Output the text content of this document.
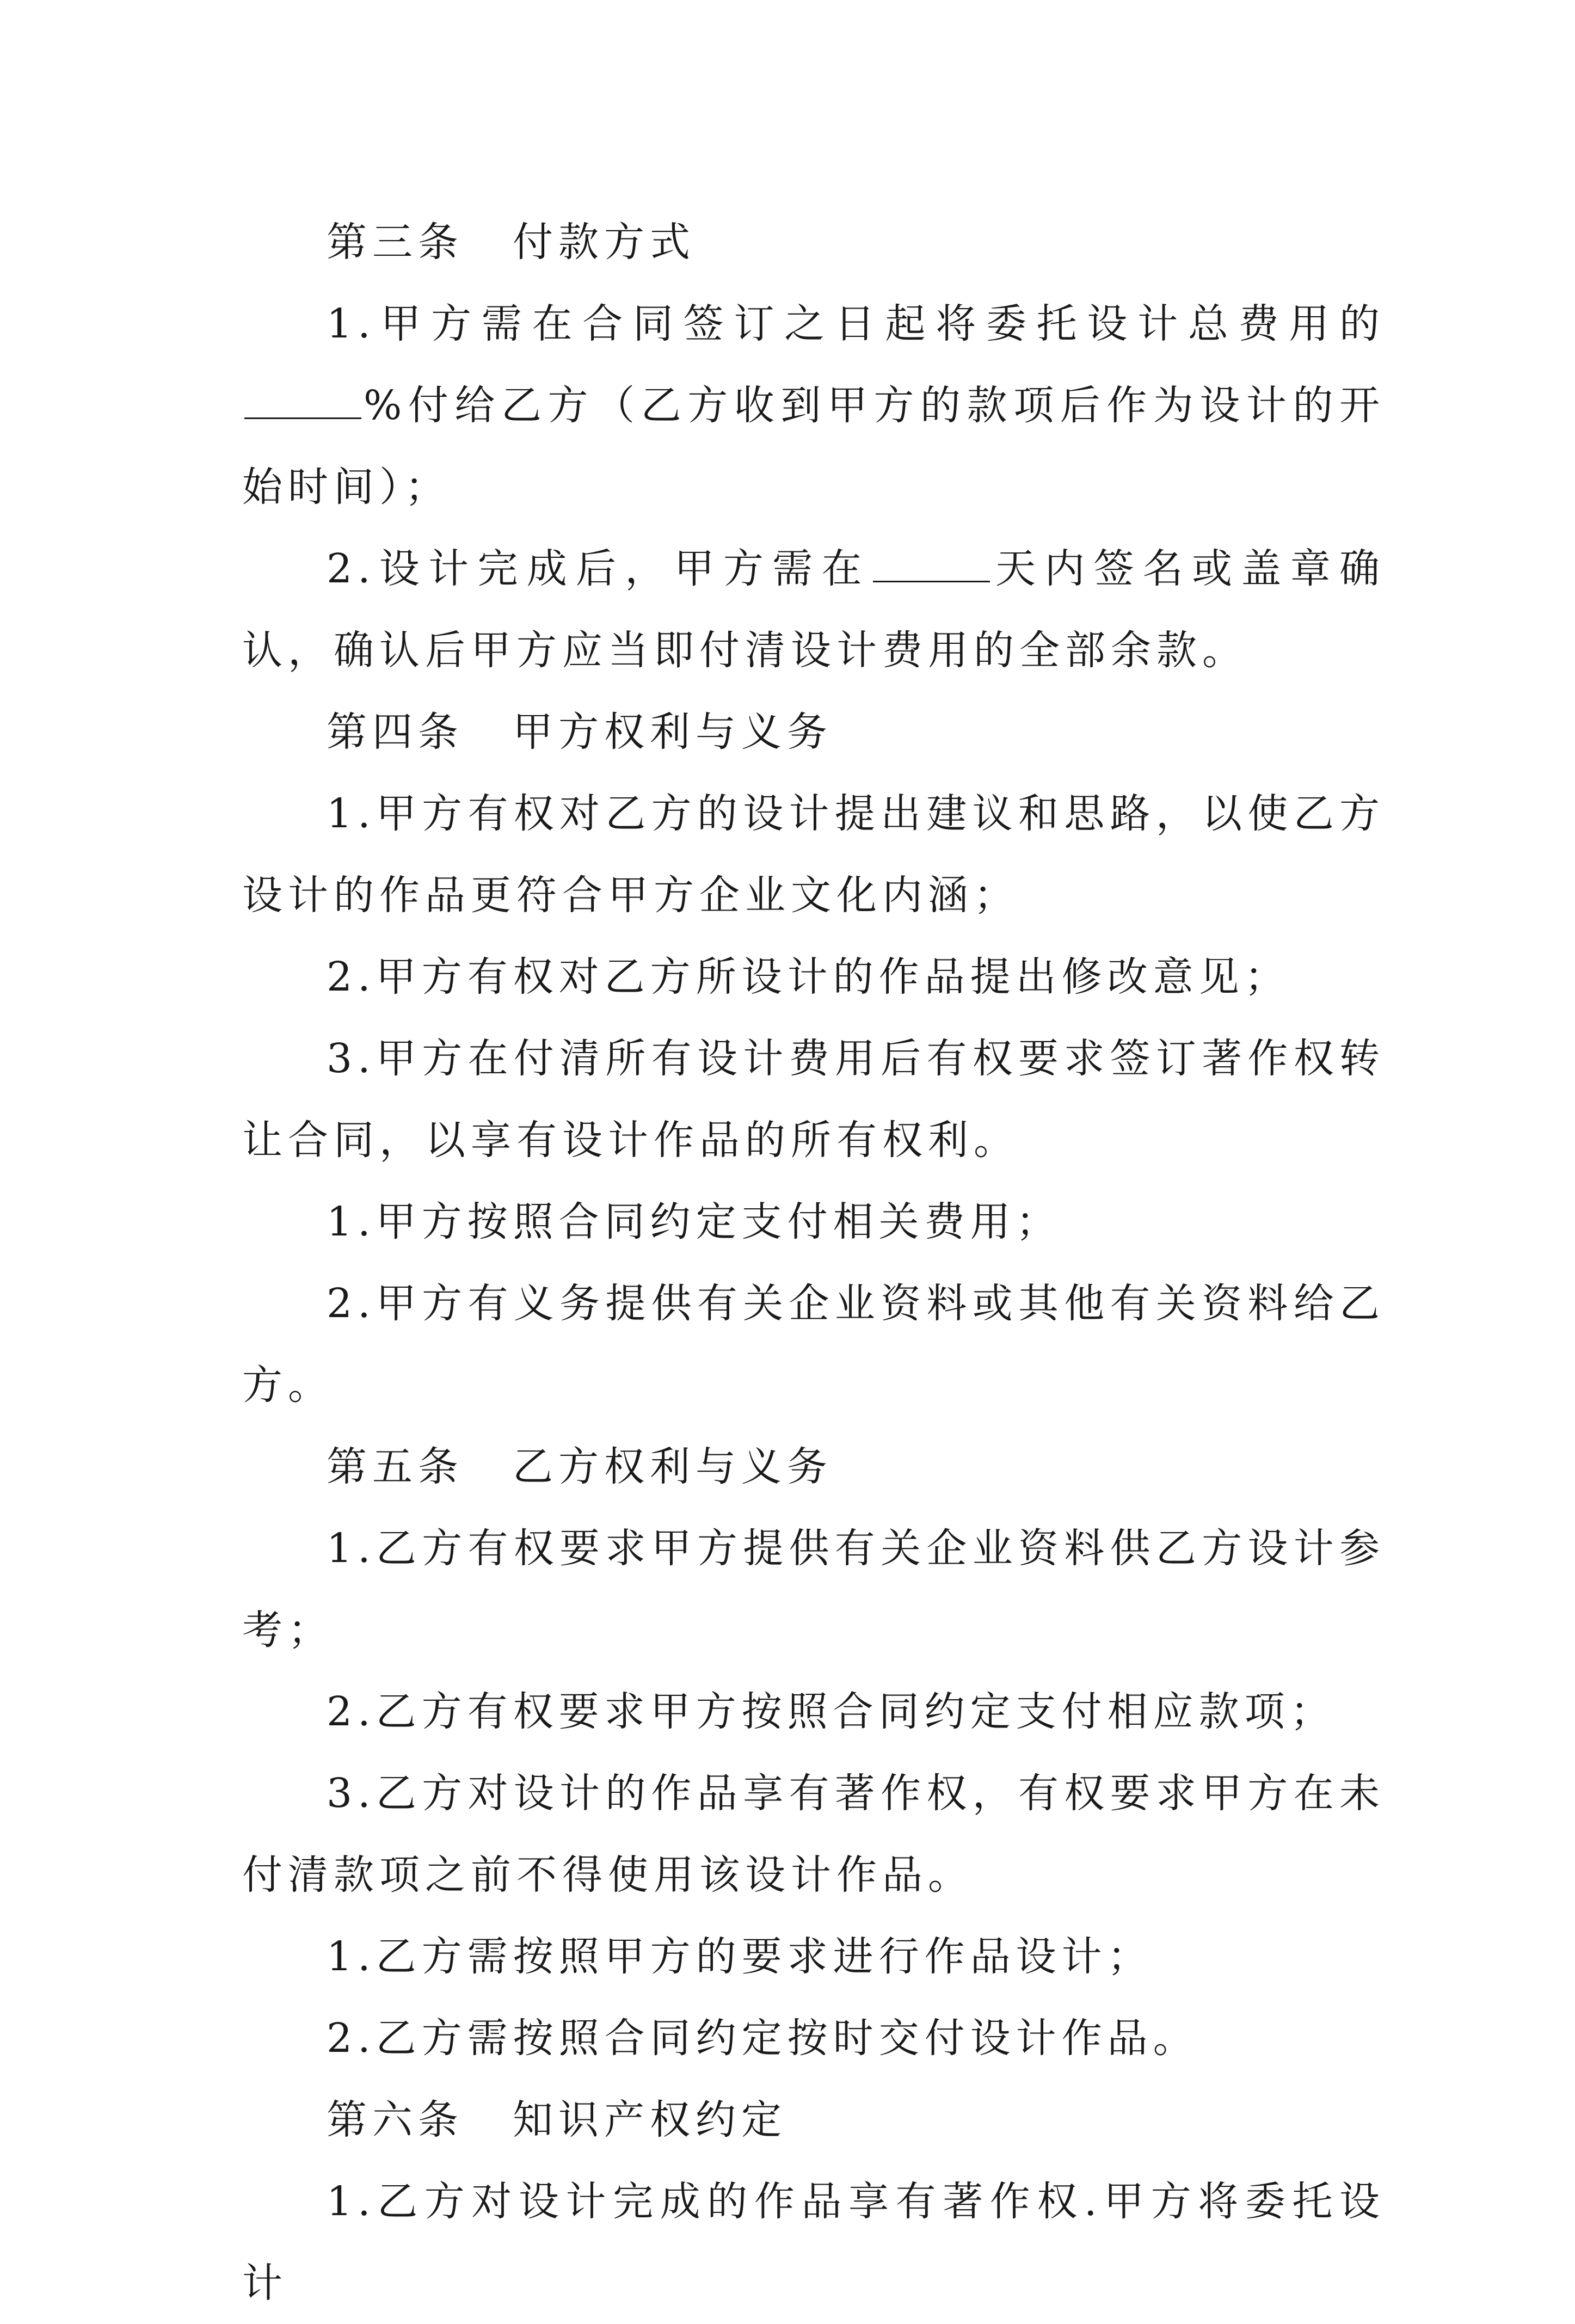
第三条 付款方式

1.甲方需在合同签订之日起将委托设计总费用的%付给乙方（乙方收到甲方的款项后作为设计的开始时间）；

2.设计完成后，甲方需在	天内签名或盖章确认，确认后甲方应当即付清设计费用的全部余款。

第四条 甲方权利与义务

1.甲方有权对乙方的设计提出建议和思路，以使乙方设计的作品更符合甲方企业文化内涵；

2.甲方有权对乙方所设计的作品提出修改意见；

3.甲方在付清所有设计费用后有权要求签订著作权转让合同，以享有设计作品的所有权利。

1.甲方按照合同约定支付相关费用；

2.甲方有义务提供有关企业资料或其他有关资料给乙方。

第五条 乙方权利与义务

1.乙方有权要求甲方提供有关企业资料供乙方设计参考；

2.乙方有权要求甲方按照合同约定支付相应款项；

3.乙方对设计的作品享有著作权，有权要求甲方在未付清款项之前不得使用该设计作品。

1.乙方需按照甲方的要求进行作品设计；

2.乙方需按照合同约定按时交付设计作品。

第六条 知识产权约定

1.乙方对设计完成的作品享有著作权.甲方将委托设计
